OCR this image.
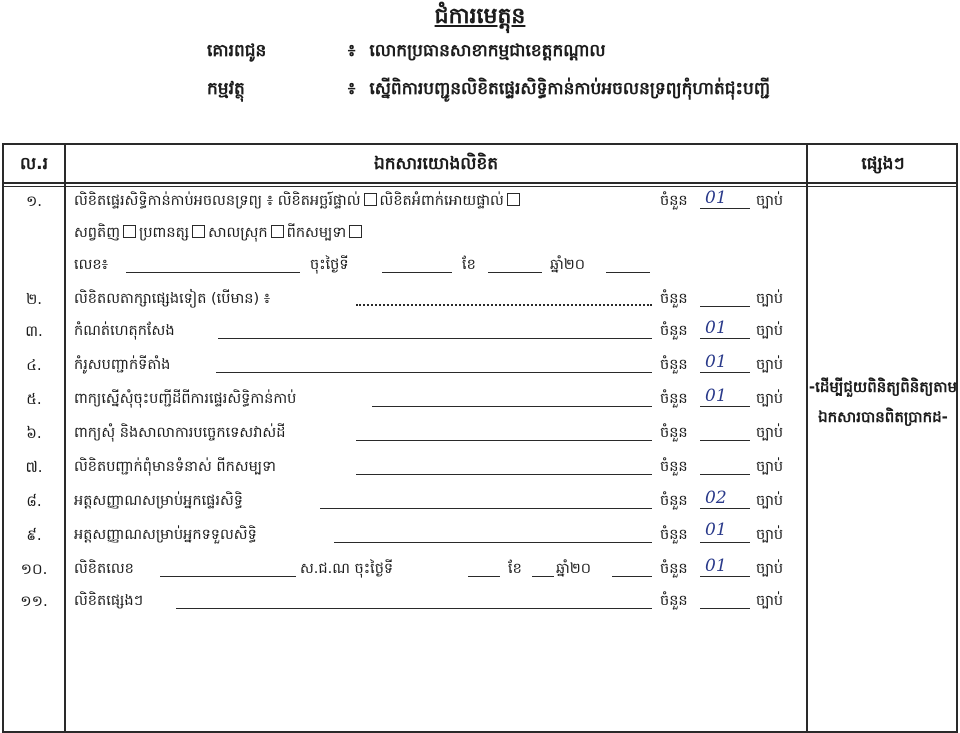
ជំការមេត្តុន
គោរពជូន	៖ លោកប្រធានសាខាកម្មជាខេត្តកណ្ដាល
កម្មវត្ថុ	៖ ស្នើពិការបញ្ជូនលិខិតផ្ទេរសិទ្ធិកាន់កាប់អចលនទ្រព្យកុំហាត់ជុះបញ្ជី
ល.រ	ឯកសារយោងលិខិត	ផ្សេងៗ
១.	លិខិតផ្ទេរសិទ្ធិកាន់កាប់អចលនទ្រព្យ ៖ លិខិតអច្ឆរ៍ផ្ទាល់ លិខិតអំពាក់អោយផ្ទាល់	ចំនួន 01 ច្បាប់
សព្វតិញ ប្រពានត្ស សាលស្រុក ពីកសម្បទា
លេខ៖	ចុះថ្ងៃទី	ខែ	ឆ្នាំ២០
២.	លិខិតលតាក្សាផ្សេងទៀត (បើមាន) ៖	ចំនួន	ច្បាប់
៣.	កំណត់ហេតុកសែង	ចំនួន 01 ច្បាប់
៤.	កំរូសបញ្ជាក់ទីតាំង	ចំនួន 01 ច្បាប់
៥.	ពាក្យស្នើសុំចុះបញ្ជីដីពីការផ្ទេរសិទ្ធិកាន់កាប់	ចំនួន 01 ច្បាប់
៦.	ពាក្យសុំ និងសាលាការបច្ចេកទេសវាស់ដី	ចំនួន	ច្បាប់
៧.	លិខិតបញ្ជាក់ពុំមានទំនាស់ ពីកសម្បទា	ចំនួន	ច្បាប់
៨.	អត្តសញ្ញាណសម្រាប់អ្នកផ្ទេរសិទ្ធិ	ចំនួន 02 ច្បាប់
៩.	អត្តសញ្ញាណសម្រាប់អ្នកទទួលសិទ្ធិ	ចំនួន 01 ច្បាប់
១០.	លិខិតលេខ	ស.ជ.ណ ចុះថ្ងៃទី	ខែ ឆ្នាំ២០	ចំនួន 01 ច្បាប់
១១.	លិខិតផ្សេងៗ	ចំនួន	ច្បាប់
-ដើម្បីជួយពិនិត្យពិនិត្យតាមឯកសារបានពិតប្រាកដ-
